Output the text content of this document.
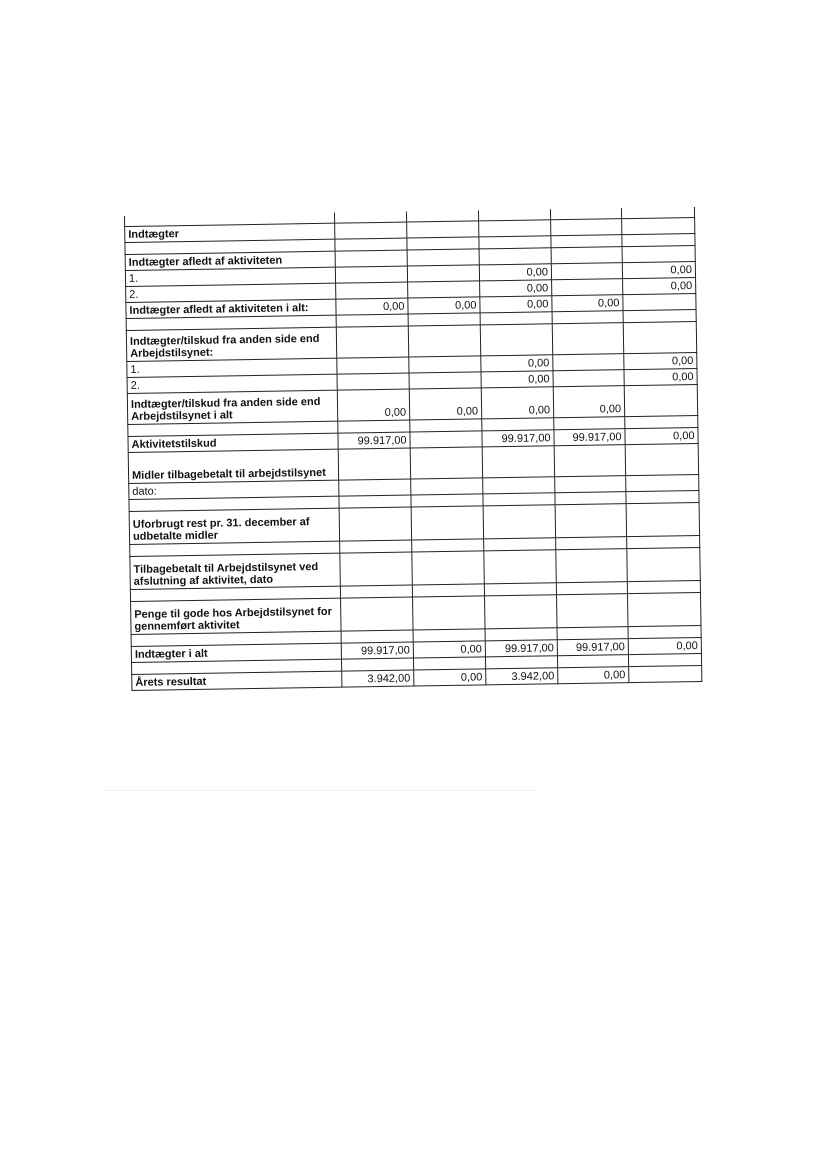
Indtægter					

Indtægter afledt af aktiviteten					
1.			0,00		0,00
2.			0,00		0,00
Indtægter afledt af aktiviteten i alt:	0,00	0,00	0,00	0,00	

Indtægter/tilskud fra anden side end Arbejdstilsynet:					
1.			0,00		0,00
2.			0,00		0,00
Indtægter/tilskud fra anden side end Arbejdstilsynet i alt	0,00	0,00	0,00	0,00	

Aktivitetstilskud	99.917,00		99.917,00	99.917,00	0,00
Midler tilbagebetalt til arbejdstilsynet					
dato:					

Uforbrugt rest pr. 31. december af udbetalte midler					

Tilbagebetalt til Arbejdstilsynet ved afslutning af aktivitet, dato					

Penge til gode hos Arbejdstilsynet for gennemført aktivitet					

Indtægter i alt	99.917,00	0,00	99.917,00	99.917,00	0,00

Årets resultat	3.942,00	0,00	3.942,00	0,00	
